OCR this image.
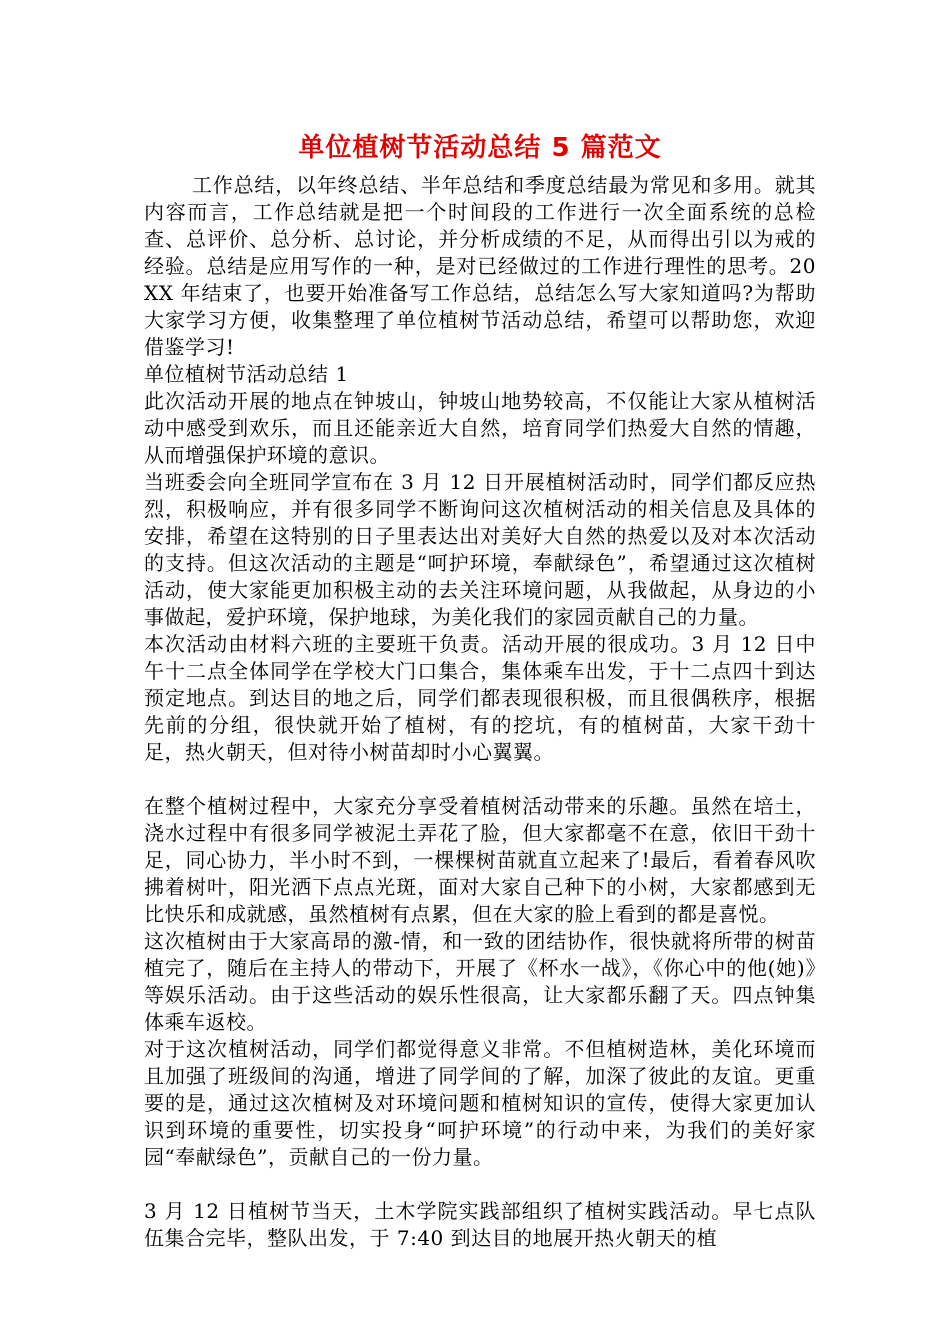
单位植树节活动总结 5 篇范文

工作总结，以年终总结、半年总结和季度总结最为常见和多用。就其内容而言，工作总结就是把一个时间段的工作进行一次全面系统的总检查、总评价、总分析、总讨论，并分析成绩的不足，从而得出引以为戒的经验。总结是应用写作的一种，是对已经做过的工作进行理性的思考。20XX 年结束了，也要开始准备写工作总结，总结怎么写大家知道吗?为帮助大家学习方便，收集整理了单位植树节活动总结，希望可以帮助您，欢迎借鉴学习!

单位植树节活动总结 1

此次活动开展的地点在钟坡山，钟坡山地势较高，不仅能让大家从植树活动中感受到欢乐，而且还能亲近大自然，培育同学们热爱大自然的情趣，从而增强保护环境的意识。

当班委会向全班同学宣布在 3 月 12 日开展植树活动时，同学们都反应热烈，积极响应，并有很多同学不断询问这次植树活动的相关信息及具体的安排，希望在这特别的日子里表达出对美好大自然的热爱以及对本次活动的支持。但这次活动的主题是“呵护环境，奉献绿色”，希望通过这次植树活动，使大家能更加积极主动的去关注环境问题，从我做起，从身边的小事做起，爱护环境，保护地球，为美化我们的家园贡献自己的力量。

本次活动由材料六班的主要班干负责。活动开展的很成功。3 月 12 日中午十二点全体同学在学校大门口集合，集体乘车出发，于十二点四十到达预定地点。到达目的地之后，同学们都表现很积极，而且很偶秩序，根据先前的分组，很快就开始了植树，有的挖坑，有的植树苗，大家干劲十足，热火朝天，但对待小树苗却时小心翼翼。

在整个植树过程中，大家充分享受着植树活动带来的乐趣。虽然在培土，浇水过程中有很多同学被泥土弄花了脸，但大家都毫不在意，依旧干劲十足，同心协力，半小时不到，一棵棵树苗就直立起来了!最后，看着春风吹拂着树叶，阳光洒下点点光斑，面对大家自己种下的小树，大家都感到无比快乐和成就感，虽然植树有点累，但在大家的脸上看到的都是喜悦。

这次植树由于大家高昂的激-情，和一致的团结协作，很快就将所带的树苗植完了，随后在主持人的带动下，开展了《杯水一战》，《你心中的他(她)》等娱乐活动。由于这些活动的娱乐性很高，让大家都乐翻了天。四点钟集体乘车返校。

对于这次植树活动，同学们都觉得意义非常。不但植树造林，美化环境而且加强了班级间的沟通，增进了同学间的了解，加深了彼此的友谊。更重要的是，通过这次植树及对环境问题和植树知识的宣传，使得大家更加认识到环境的重要性，切实投身“呵护环境”的行动中来，为我们的美好家园“奉献绿色”，贡献自己的一份力量。

3 月 12 日植树节当天，土木学院实践部组织了植树实践活动。早七点队伍集合完毕，整队出发，于 7:40 到达目的地展开热火朝天的植
